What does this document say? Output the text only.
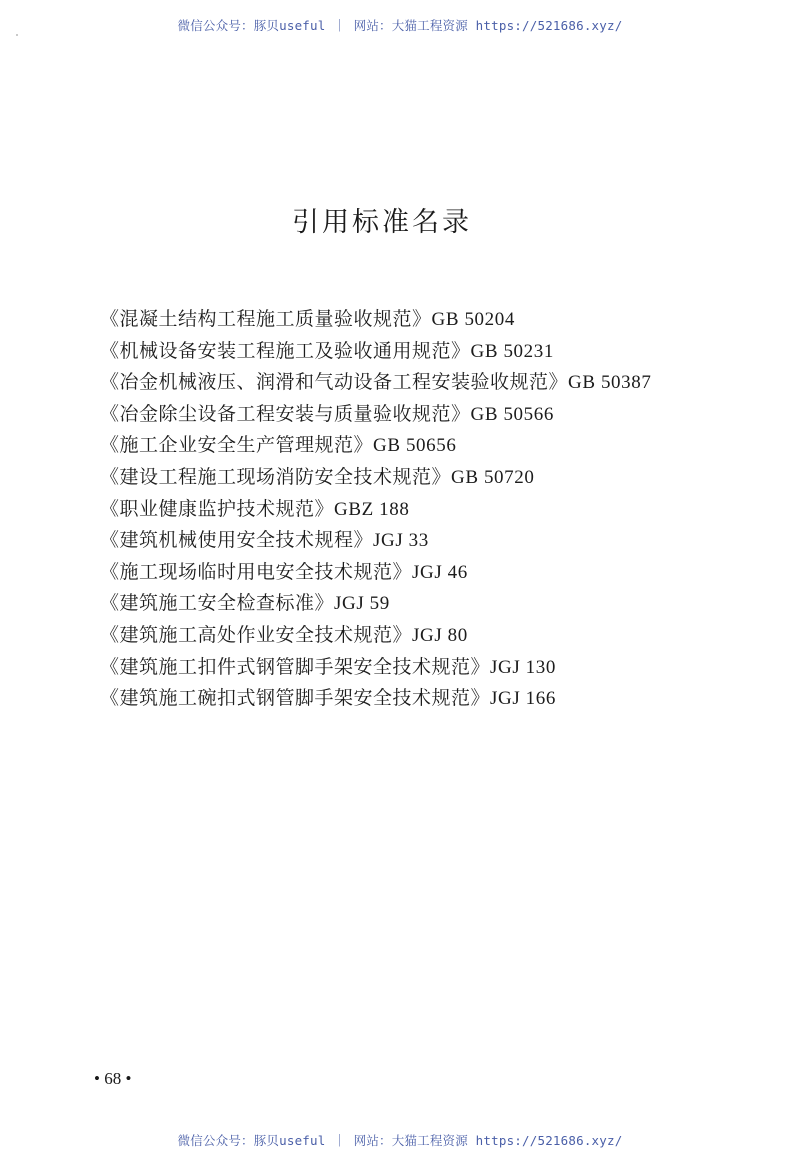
微信公众号：豚贝useful ｜ 网站：大猫工程资源 https://521686.xyz/
引用标准名录
《混凝土结构工程施工质量验收规范》GB 50204
《机械设备安装工程施工及验收通用规范》GB 50231
《冶金机械液压、润滑和气动设备工程安装验收规范》GB 50387
《冶金除尘设备工程安装与质量验收规范》GB 50566
《施工企业安全生产管理规范》GB 50656
《建设工程施工现场消防安全技术规范》GB 50720
《职业健康监护技术规范》GBZ 188
《建筑机械使用安全技术规程》JGJ 33
《施工现场临时用电安全技术规范》JGJ 46
《建筑施工安全检查标准》JGJ 59
《建筑施工高处作业安全技术规范》JGJ 80
《建筑施工扣件式钢管脚手架安全技术规范》JGJ 130
《建筑施工碗扣式钢管脚手架安全技术规范》JGJ 166
• 68 •
微信公众号：豚贝useful ｜ 网站：大猫工程资源 https://521686.xyz/
